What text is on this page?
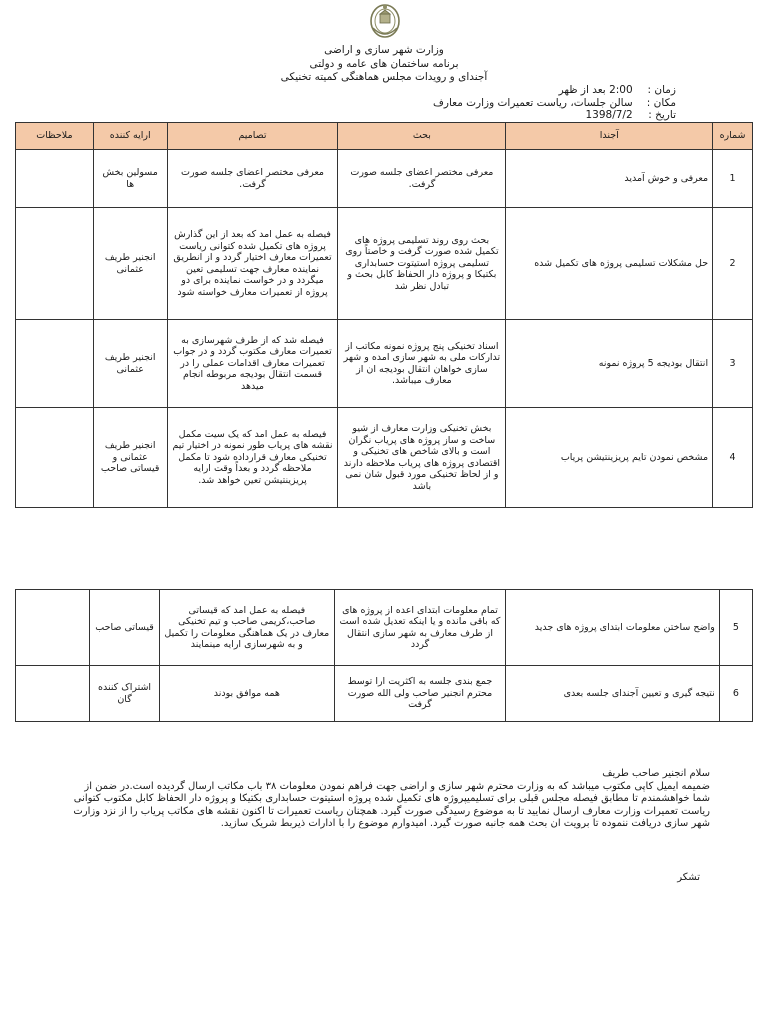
وزارت شهر سازی و اراضی
برنامه ساختمان های عامه و دولتی
آجندای و رویدات مجلس هماهنگی کمیته تخنیکی
زمان : 2:00 بعد از ظهر
مکان : سالن جلسات، ریاست تعمیرات وزارت معارف
تاریخ : 1398/7/2
شماره	آجندا	بحث	تصامیم	ارایه کننده	ملاحظات
1	معرفی و خوش آمدید	معرفی مختصر اعضای جلسه صورت گرفت.	معرفی مختصر اعضای جلسه صورت گرفت.	مسولین بخش ها	
2	حل مشکلات تسلیمی پروژه های تکمیل شده	بحث روی روند تسلیمی پروژه های تکمیل شده صورت گرفت و خاصتاً روی تسلیمی پروژه استیتوت حسابداری بکتیکا و پروژه دار الحفاظ کابل بحث و تبادل نظر شد	فیصله به عمل امد که بعد از این گذارش پروژه های تکمیل شده کتوانی ریاست تعمیرات معارف اختیار گردد و از انطریق نماینده معارف جهت تسلیمی تعین میگردد و در خواست نماینده برای دو پروژه از تعمیرات معارف خواسته شود	انجنیر طریف عثمانی	
3	انتقال بودیجه 5 پروژه نمونه	اسناد تخنیکی پنج پروژه نمونه مکاتب از تدارکات ملی به شهر سازی امده و شهر سازی خواهان انتقال بودیجه ان از معارف میباشد.	فیصله شد که از طرف شهرسازی به تعمیرات معارف مکتوب گردد و در جواب تعمیرات معارف اقدامات عملی را در قسمت انتقال بودیجه مربوطه انجام میدهد	انجنیر طریف عثمانی	
4	مشخص نمودن تایم پریزینتیشن پریاب	بخش تخنیکی وزارت معارف از شیو ساخت و ساز پروژه های پریاب نگران است و بالای شاخص های تخنیکی و اقتصادی پروژه های پریاب ملاحظه دارند و از لحاظ تخنیکی مورد قبول شان نمی باشد	فیصله به عمل امد که یک سیت مکمل نقشه های پریاب طور نمونه در اختیار تیم تخنیکی معارف قرارداده شود تا مکمل ملاحظه گردد و بعداً وقت ارایه پریزینتیشن تعین خواهد شد.	انجنیر طریف عثمانی و قیساتی صاحب	
5	واضح ساختن معلومات ابتدای پروژه های جدید	تمام معلومات ابتدای اعده از پروژه های که باقی مانده و یا اینکه تعدیل شده است از طرف معارف به شهر سازی انتقال گردد	فیصله به عمل امد که قیساتی صاحب،کریمی صاحب و تیم تخنیکی معارف در یک هماهنگی معلومات را تکمیل و به شهرسازی ارایه مینمایند	قیساتی صاحب	
6	نتیجه گیری و تعیین آجندای جلسه بعدی	جمع بندی جلسه به اکثریت ارا توسط محترم انجنیر صاحب ولی الله صورت گرفت	همه موافق بودند	اشتراک کننده گان	

سلام انجنیر صاحب طریف

ضمیمه ایمیل کاپی مکتوب میباشد که به وزارت محترم شهر سازی و اراضی جهت فراهم نمودن معلومات ۳۸ باب مکاتب ارسال گردیده است.در ضمن از شما خواهشمندم تا مطابق فیصله مجلس قبلی برای تسلیمیپروژه های تکمیل شده پروژه استیتوت حسابداری بکتیکا و پروژه دار الحفاظ کابل مکتوب کتوانی ریاست تعمیرات وزارت معارف ارسال نمایید تا به موضوع رسیدگی صورت گیرد. همچنان ریاست تعمیرات تا اکنون نقشه های مکاتب پریاب را از نزد وزارت شهر سازی دریافت ننموده تا برویت ان بحث همه جانبه صورت گیرد. امیدوارم موضوع را با ادارات ذیربط شریک سازید.

تشکر
